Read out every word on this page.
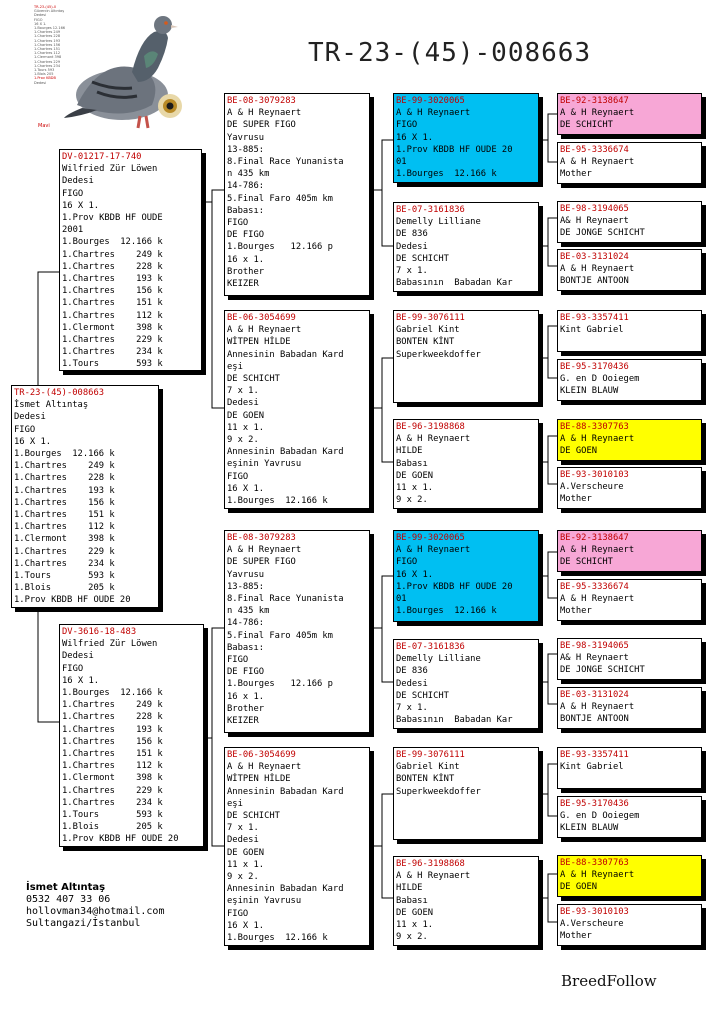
TR-23-(45)-0
Güvercin Altıntaş
Dedesi
FIGO
16 X 1.
1.Bourges 12.166
1.Chartres 249
1.Chartres 228
1.Chartres 193
1.Chartres 156
1.Chartres 151
1.Chartres 112
1.Clermont 398
1.Chartres 229
1.Chartres 234
1.Tours 593
1.Blois 205
1.Prov KBDB
Dedesi
Mavi
TR-23-(45)-008663
TR-23-(45)-008663
İsmet Altıntaş
Dedesi
FIGO
16 X 1.
1.Bourges  12.166 k
1.Chartres    249 k
1.Chartres    228 k
1.Chartres    193 k
1.Chartres    156 k
1.Chartres    151 k
1.Chartres    112 k
1.Clermont    398 k
1.Chartres    229 k
1.Chartres    234 k
1.Tours       593 k
1.Blois       205 k
1.Prov KBDB HF OUDE 20
DV-01217-17-740
Wilfried Zür Löwen
Dedesi
FIGO
16 X 1.
1.Prov KBDB HF OUDE
2001
1.Bourges  12.166 k
1.Chartres    249 k
1.Chartres    228 k
1.Chartres    193 k
1.Chartres    156 k
1.Chartres    151 k
1.Chartres    112 k
1.Clermont    398 k
1.Chartres    229 k
1.Chartres    234 k
1.Tours       593 k
DV-3616-18-483
Wilfried Zür Löwen
Dedesi
FIGO
16 X 1.
1.Bourges  12.166 k
1.Chartres    249 k
1.Chartres    228 k
1.Chartres    193 k
1.Chartres    156 k
1.Chartres    151 k
1.Chartres    112 k
1.Clermont    398 k
1.Chartres    229 k
1.Chartres    234 k
1.Tours       593 k
1.Blois       205 k
1.Prov KBDB HF OUDE 20
BE-08-3079283
A & H Reynaert
DE SUPER FIGO
Yavrusu
13-885:
8.Final Race Yunanista
n 435 km
14-786:
5.Final Faro 405m km
Babası:
FIGO
DE FIGO
1.Bourges   12.166 p
16 x 1.
Brother
KEIZER
BE-06-3054699
A & H Reynaert
WİTPEN HİLDE
Annesinin Babadan Kard
eşi
DE SCHICHT
7 x 1.
Dedesi
DE GOEN
11 x 1.
9 x 2.
Annesinin Babadan Kard
eşinin Yavrusu
FIGO
16 X 1.
1.Bourges  12.166 k
BE-08-3079283
A & H Reynaert
DE SUPER FIGO
Yavrusu
13-885:
8.Final Race Yunanista
n 435 km
14-786:
5.Final Faro 405m km
Babası:
FIGO
DE FIGO
1.Bourges   12.166 p
16 x 1.
Brother
KEIZER
BE-06-3054699
A & H Reynaert
WİTPEN HİLDE
Annesinin Babadan Kard
eşi
DE SCHICHT
7 x 1.
Dedesi
DE GOEN
11 x 1.
9 x 2.
Annesinin Babadan Kard
eşinin Yavrusu
FIGO
16 X 1.
1.Bourges  12.166 k
BE-99-3020065
A & H Reynaert
FIGO
16 X 1.
1.Prov KBDB HF OUDE 20
01
1.Bourges  12.166 k
BE-07-3161836
Demelly Lilliane
DE 836
Dedesi
DE SCHICHT
7 x 1.
Babasının  Babadan Kar
BE-99-3076111
Gabriel Kint
BONTEN KİNT
Superkweekdoffer
BE-96-3198868
A & H Reynaert
HILDE
Babası
DE GOEN
11 x 1.
9 x 2.
BE-99-3020065
A & H Reynaert
FIGO
16 X 1.
1.Prov KBDB HF OUDE 20
01
1.Bourges  12.166 k
BE-07-3161836
Demelly Lilliane
DE 836
Dedesi
DE SCHICHT
7 x 1.
Babasının  Babadan Kar
BE-99-3076111
Gabriel Kint
BONTEN KİNT
Superkweekdoffer
BE-96-3198868
A & H Reynaert
HILDE
Babası
DE GOEN
11 x 1.
9 x 2.
BE-92-3138647
A & H Reynaert
DE SCHICHT
BE-95-3336674
A & H Reynaert
Mother
BE-98-3194065
A& H Reynaert
DE JONGE SCHICHT
BE-03-3131024
A & H Reynaert
BONTJE ANTOON
BE-93-3357411
Kint Gabriel
BE-95-3170436
G. en D Ooiegem
KLEIN BLAUW
BE-88-3307763
A & H Reynaert
DE GOEN
BE-93-3010103
A.Verscheure
Mother
BE-92-3138647
A & H Reynaert
DE SCHICHT
BE-95-3336674
A & H Reynaert
Mother
BE-98-3194065
A& H Reynaert
DE JONGE SCHICHT
BE-03-3131024
A & H Reynaert
BONTJE ANTOON
BE-93-3357411
Kint Gabriel
BE-95-3170436
G. en D Ooiegem
KLEIN BLAUW
BE-88-3307763
A & H Reynaert
DE GOEN
BE-93-3010103
A.Verscheure
Mother
İsmet Altıntaş
0532 407 33 06
hollovman34@hotmail.com
Sultangazi/İstanbul
BreedFollow
